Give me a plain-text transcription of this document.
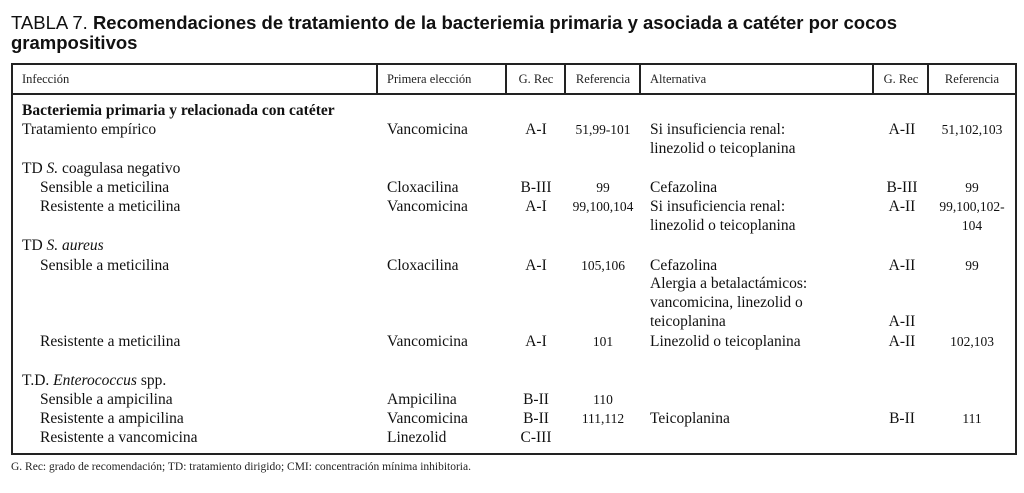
TABLA 7. Recomendaciones de tratamiento de la bacteriemia primaria y asociada a catéter por cocos grampositivos
Infección	Primera elección	G. Rec	Referencia	Alternativa	G. Rec	Referencia
Bacteriemia primaria y relacionada con catéter
Tratamiento empírico	Vancomicina	A-I	51,99-101	Si insuficiencia renal:	A-II	51,102,103
linezolid o teicoplanina
TD S. coagulasa negativo
Sensible a meticilina	Cloxacilina	B-III	99	Cefazolina	B-III	99
Resistente a meticilina	Vancomicina	A-I	99,100,104	Si insuficiencia renal:	A-II	99,100,102-
linezolid o teicoplanina	104
TD S. aureus
Sensible a meticilina	Cloxacilina	A-I	105,106	Cefazolina	A-II	99
Alergia a betalactámicos:
vancomicina, linezolid o
teicoplanina	A-II
Resistente a meticilina	Vancomicina	A-I	101	Linezolid o teicoplanina	A-II	102,103
T.D. Enterococcus spp.
Sensible a ampicilina	Ampicilina	B-II	110
Resistente a ampicilina	Vancomicina	B-II	111,112	Teicoplanina	B-II	111
Resistente a vancomicina	Linezolid	C-III
G. Rec: grado de recomendación; TD: tratamiento dirigido; CMI: concentración mínima inhibitoria.
